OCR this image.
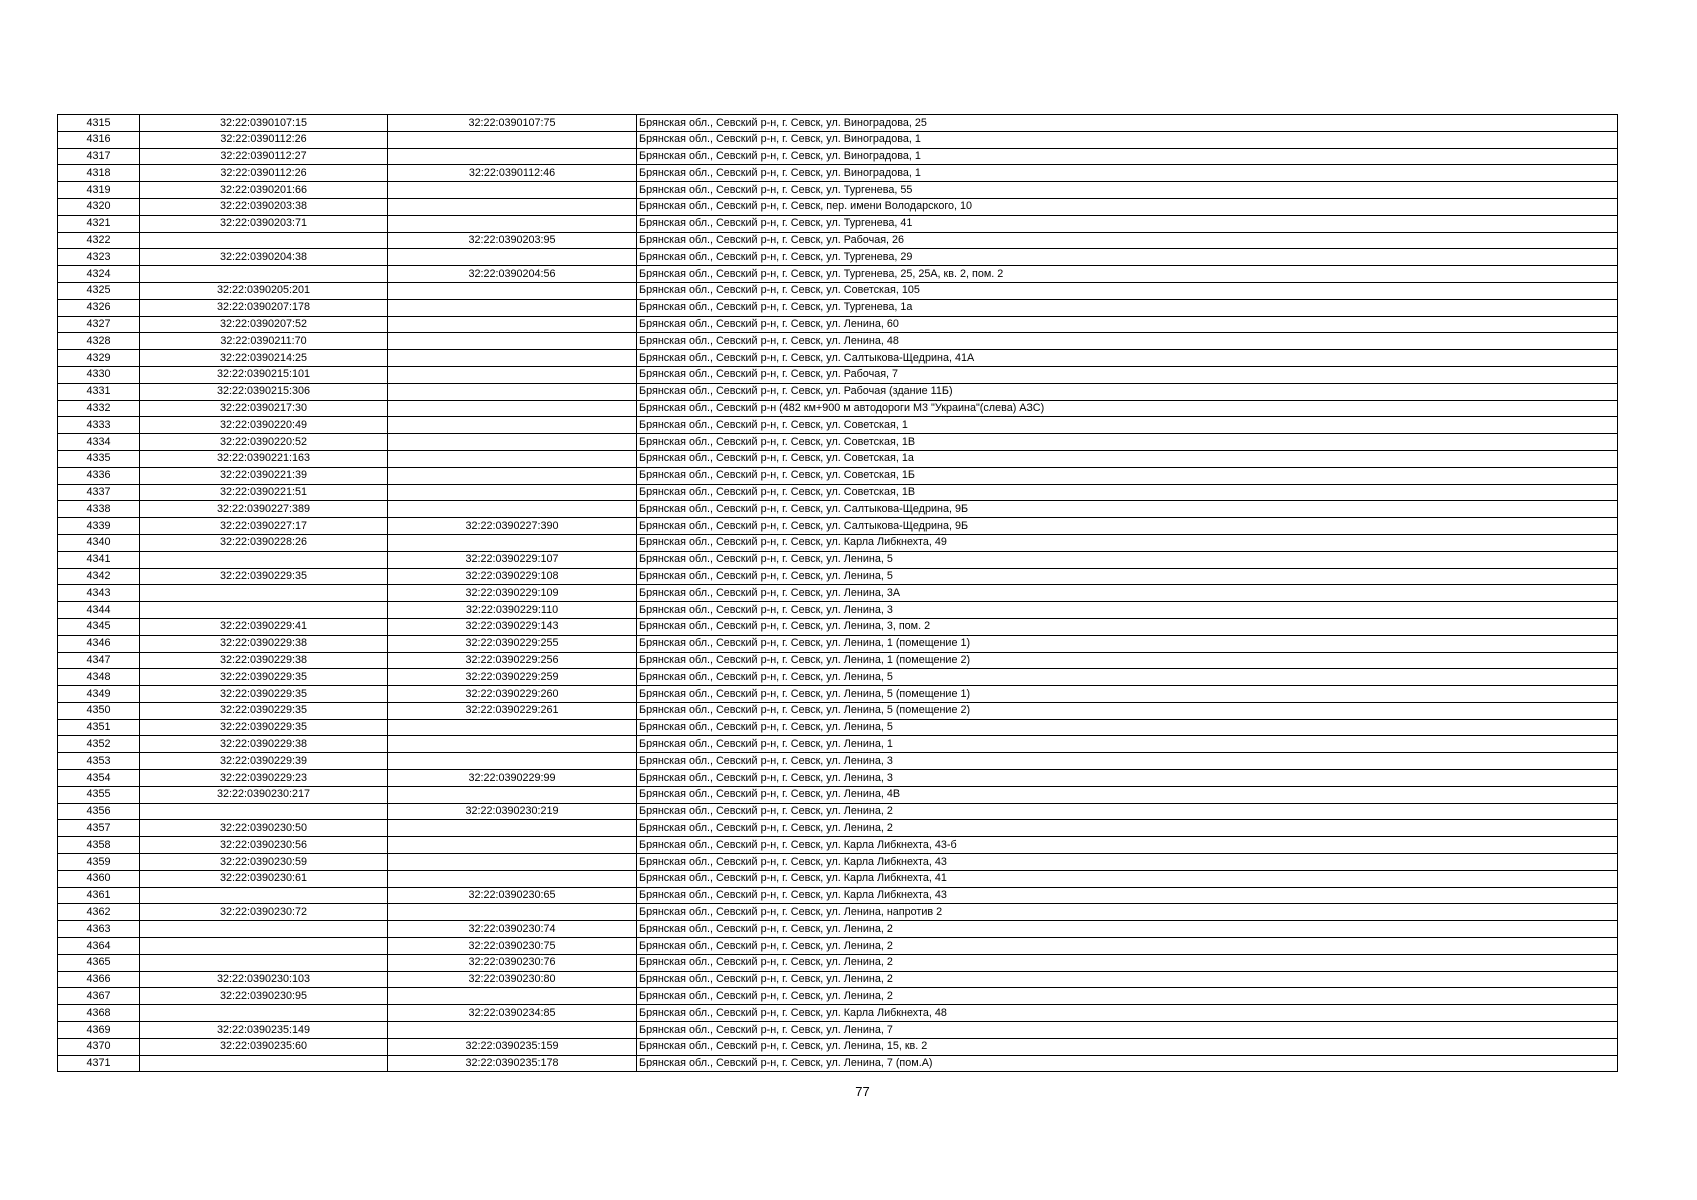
4315	32:22:0390107:15	32:22:0390107:75	Брянская обл., Севский р-н, г. Севск, ул. Виноградова, 25
4316	32:22:0390112:26		Брянская обл., Севский р-н, г. Севск, ул. Виноградова, 1
4317	32:22:0390112:27		Брянская обл., Севский р-н, г. Севск, ул. Виноградова, 1
4318	32:22:0390112:26	32:22:0390112:46	Брянская обл., Севский р-н, г. Севск, ул. Виноградова, 1
4319	32:22:0390201:66		Брянская обл., Севский р-н, г. Севск, ул. Тургенева, 55
4320	32:22:0390203:38		Брянская обл., Севский р-н, г. Севск, пер. имени Володарского, 10
4321	32:22:0390203:71		Брянская обл., Севский р-н, г. Севск, ул. Тургенева, 41
4322		32:22:0390203:95	Брянская обл., Севский р-н, г. Севск, ул. Рабочая, 26
4323	32:22:0390204:38		Брянская обл., Севский р-н, г. Севск, ул. Тургенева, 29
4324		32:22:0390204:56	Брянская обл., Севский р-н, г. Севск, ул. Тургенева, 25, 25А, кв. 2, пом. 2
4325	32:22:0390205:201		Брянская обл., Севский р-н, г. Севск, ул. Советская, 105
4326	32:22:0390207:178		Брянская обл., Севский р-н, г. Севск, ул. Тургенева, 1а
4327	32:22:0390207:52		Брянская обл., Севский р-н, г. Севск, ул. Ленина, 60
4328	32:22:0390211:70		Брянская обл., Севский р-н, г. Севск, ул. Ленина, 48
4329	32:22:0390214:25		Брянская обл., Севский р-н, г. Севск, ул. Салтыкова-Щедрина, 41А
4330	32:22:0390215:101		Брянская обл., Севский р-н, г. Севск, ул. Рабочая, 7
4331	32:22:0390215:306		Брянская обл., Севский р-н, г. Севск, ул. Рабочая (здание 11Б)
4332	32:22:0390217:30		Брянская обл., Севский р-н (482 км+900 м автодороги М3 "Украина"(слева) АЗС)
4333	32:22:0390220:49		Брянская обл., Севский р-н, г. Севск, ул. Советская, 1
4334	32:22:0390220:52		Брянская обл., Севский р-н, г. Севск, ул. Советская, 1В
4335	32:22:0390221:163		Брянская обл., Севский р-н, г. Севск, ул. Советская, 1а
4336	32:22:0390221:39		Брянская обл., Севский р-н, г. Севск, ул. Советская, 1Б
4337	32:22:0390221:51		Брянская обл., Севский р-н, г. Севск, ул. Советская, 1В
4338	32:22:0390227:389		Брянская обл., Севский р-н, г. Севск, ул. Салтыкова-Щедрина, 9Б
4339	32:22:0390227:17	32:22:0390227:390	Брянская обл., Севский р-н, г. Севск, ул. Салтыкова-Щедрина, 9Б
4340	32:22:0390228:26		Брянская обл., Севский р-н, г. Севск, ул. Карла Либкнехта, 49
4341		32:22:0390229:107	Брянская обл., Севский р-н, г. Севск, ул. Ленина, 5
4342	32:22:0390229:35	32:22:0390229:108	Брянская обл., Севский р-н, г. Севск, ул. Ленина, 5
4343		32:22:0390229:109	Брянская обл., Севский р-н, г. Севск, ул. Ленина, 3А
4344		32:22:0390229:110	Брянская обл., Севский р-н, г. Севск, ул. Ленина, 3
4345	32:22:0390229:41	32:22:0390229:143	Брянская обл., Севский р-н, г. Севск, ул. Ленина, 3, пом. 2
4346	32:22:0390229:38	32:22:0390229:255	Брянская обл., Севский р-н, г. Севск, ул. Ленина, 1 (помещение 1)
4347	32:22:0390229:38	32:22:0390229:256	Брянская обл., Севский р-н, г. Севск, ул. Ленина, 1 (помещение 2)
4348	32:22:0390229:35	32:22:0390229:259	Брянская обл., Севский р-н, г. Севск, ул. Ленина, 5
4349	32:22:0390229:35	32:22:0390229:260	Брянская обл., Севский р-н, г. Севск, ул. Ленина, 5 (помещение 1)
4350	32:22:0390229:35	32:22:0390229:261	Брянская обл., Севский р-н, г. Севск, ул. Ленина, 5 (помещение 2)
4351	32:22:0390229:35		Брянская обл., Севский р-н, г. Севск, ул. Ленина, 5
4352	32:22:0390229:38		Брянская обл., Севский р-н, г. Севск, ул. Ленина, 1
4353	32:22:0390229:39		Брянская обл., Севский р-н, г. Севск, ул. Ленина, 3
4354	32:22:0390229:23	32:22:0390229:99	Брянская обл., Севский р-н, г. Севск, ул. Ленина, 3
4355	32:22:0390230:217		Брянская обл., Севский р-н, г. Севск, ул. Ленина, 4В
4356		32:22:0390230:219	Брянская обл., Севский р-н, г. Севск, ул. Ленина, 2
4357	32:22:0390230:50		Брянская обл., Севский р-н, г. Севск, ул. Ленина, 2
4358	32:22:0390230:56		Брянская обл., Севский р-н, г. Севск, ул. Карла Либкнехта, 43-б
4359	32:22:0390230:59		Брянская обл., Севский р-н, г. Севск, ул. Карла Либкнехта, 43
4360	32:22:0390230:61		Брянская обл., Севский р-н, г. Севск, ул. Карла Либкнехта, 41
4361		32:22:0390230:65	Брянская обл., Севский р-н, г. Севск, ул. Карла Либкнехта, 43
4362	32:22:0390230:72		Брянская обл., Севский р-н, г. Севск, ул. Ленина, напротив 2
4363		32:22:0390230:74	Брянская обл., Севский р-н, г. Севск, ул. Ленина, 2
4364		32:22:0390230:75	Брянская обл., Севский р-н, г. Севск, ул. Ленина, 2
4365		32:22:0390230:76	Брянская обл., Севский р-н, г. Севск, ул. Ленина, 2
4366	32:22:0390230:103	32:22:0390230:80	Брянская обл., Севский р-н, г. Севск, ул. Ленина, 2
4367	32:22:0390230:95		Брянская обл., Севский р-н, г. Севск, ул. Ленина, 2
4368		32:22:0390234:85	Брянская обл., Севский р-н, г. Севск, ул. Карла Либкнехта, 48
4369	32:22:0390235:149		Брянская обл., Севский р-н, г. Севск, ул. Ленина, 7
4370	32:22:0390235:60	32:22:0390235:159	Брянская обл., Севский р-н, г. Севск, ул. Ленина, 15, кв. 2
4371		32:22:0390235:178	Брянская обл., Севский р-н, г. Севск, ул. Ленина, 7 (пом.А)
77
